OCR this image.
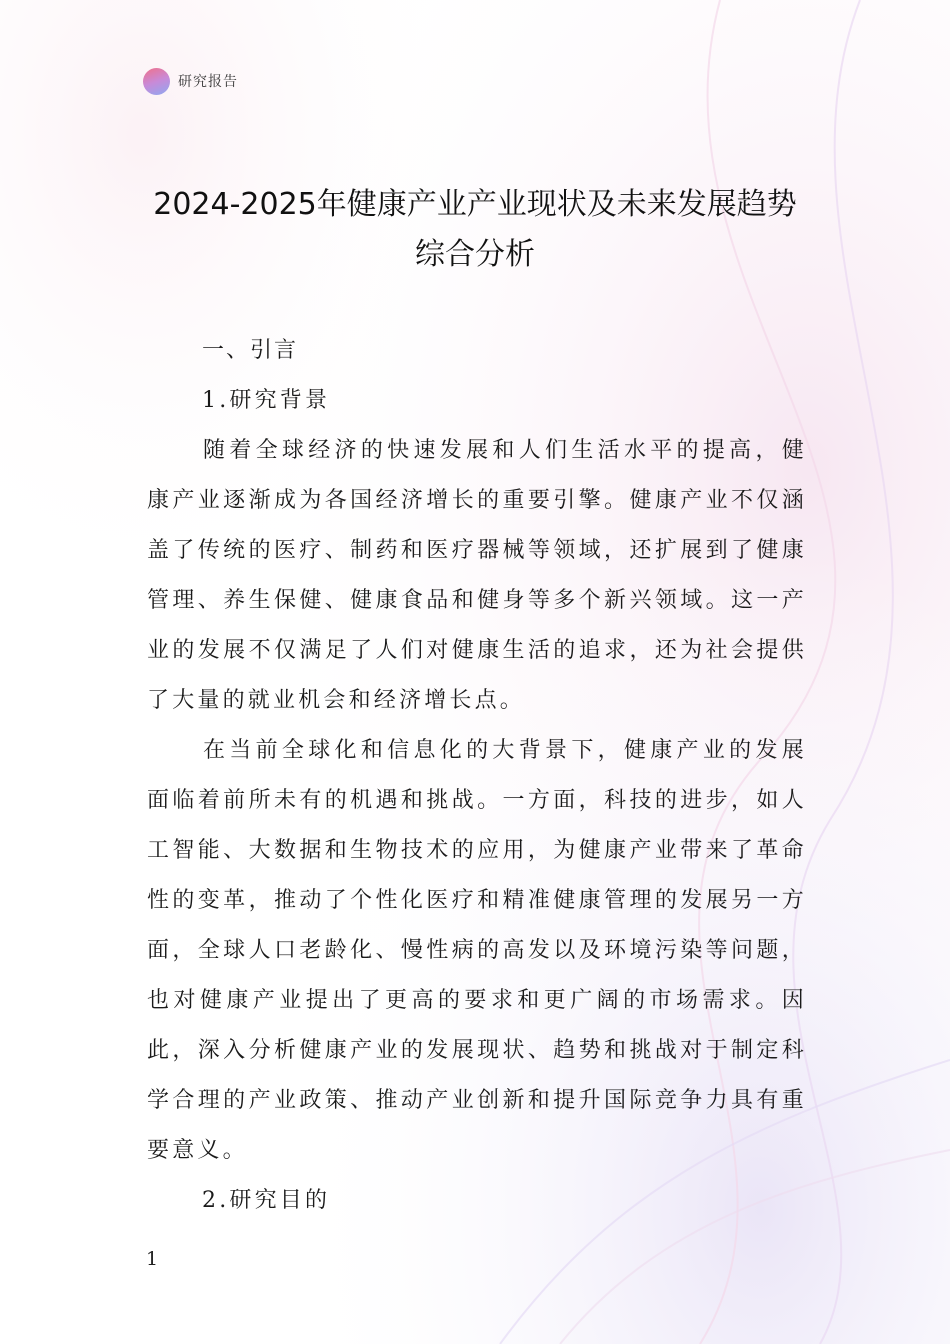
研究报告
2024-2025年健康产业产业现状及未来发展趋势
综合分析

一、引言

1.研究背景

随着全球经济的快速发展和人们生活水平的提高，健康产业逐渐成为各国经济增长的重要引擎。健康产业不仅涵盖了传统的医疗、制药和医疗器械等领域，还扩展到了健康管理、养生保健、健康食品和健身等多个新兴领域。这一产业的发展不仅满足了人们对健康生活的追求，还为社会提供了大量的就业机会和经济增长点。

在当前全球化和信息化的大背景下，健康产业的发展面临着前所未有的机遇和挑战。一方面，科技的进步，如人工智能、大数据和生物技术的应用，为健康产业带来了革命性的变革，推动了个性化医疗和精准健康管理的发展另一方面，全球人口老龄化、慢性病的高发以及环境污染等问题，也对健康产业提出了更高的要求和更广阔的市场需求。因此，深入分析健康产业的发展现状、趋势和挑战对于制定科学合理的产业政策、推动产业创新和提升国际竞争力具有重要意义。

2.研究目的

1
